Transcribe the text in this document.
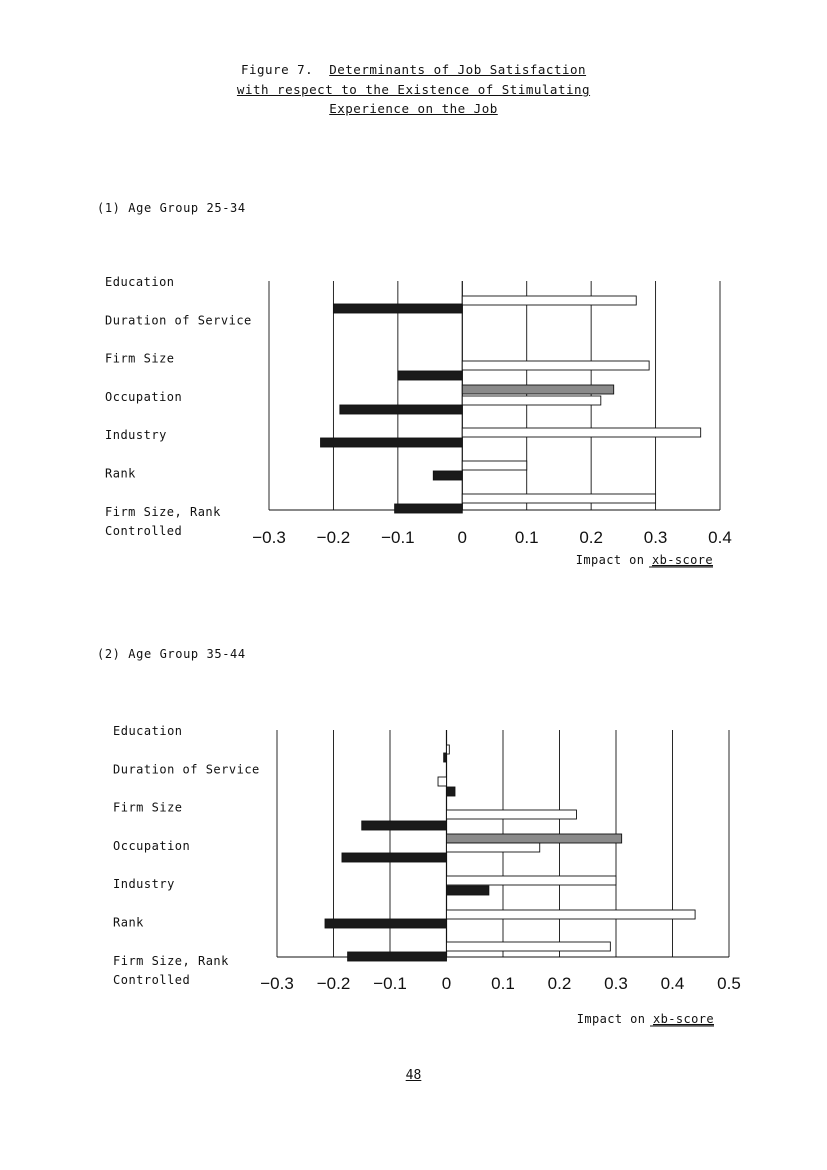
Figure 7. Determinants of Job Satisfaction
with respect to the Existence of Stimulating
Experience on the Job
(1) Age Group 25-34
(2) Age Group 35-44
−0.3 −0.2 −0.1	0	0.1 0.2 0.3 0.4
Education
Duration of Service
Firm Size
Occupation
Industry
Rank
Firm Size, Rank
Controlled
Impact on xb-score
−0.3 −0.2 −0.1 0 0.1 0.2 0.3 0.4 0.5
Education
Duration of Service
Firm Size
Occupation
Industry
Rank
Firm Size, Rank
Controlled
Impact on xb-score
48
